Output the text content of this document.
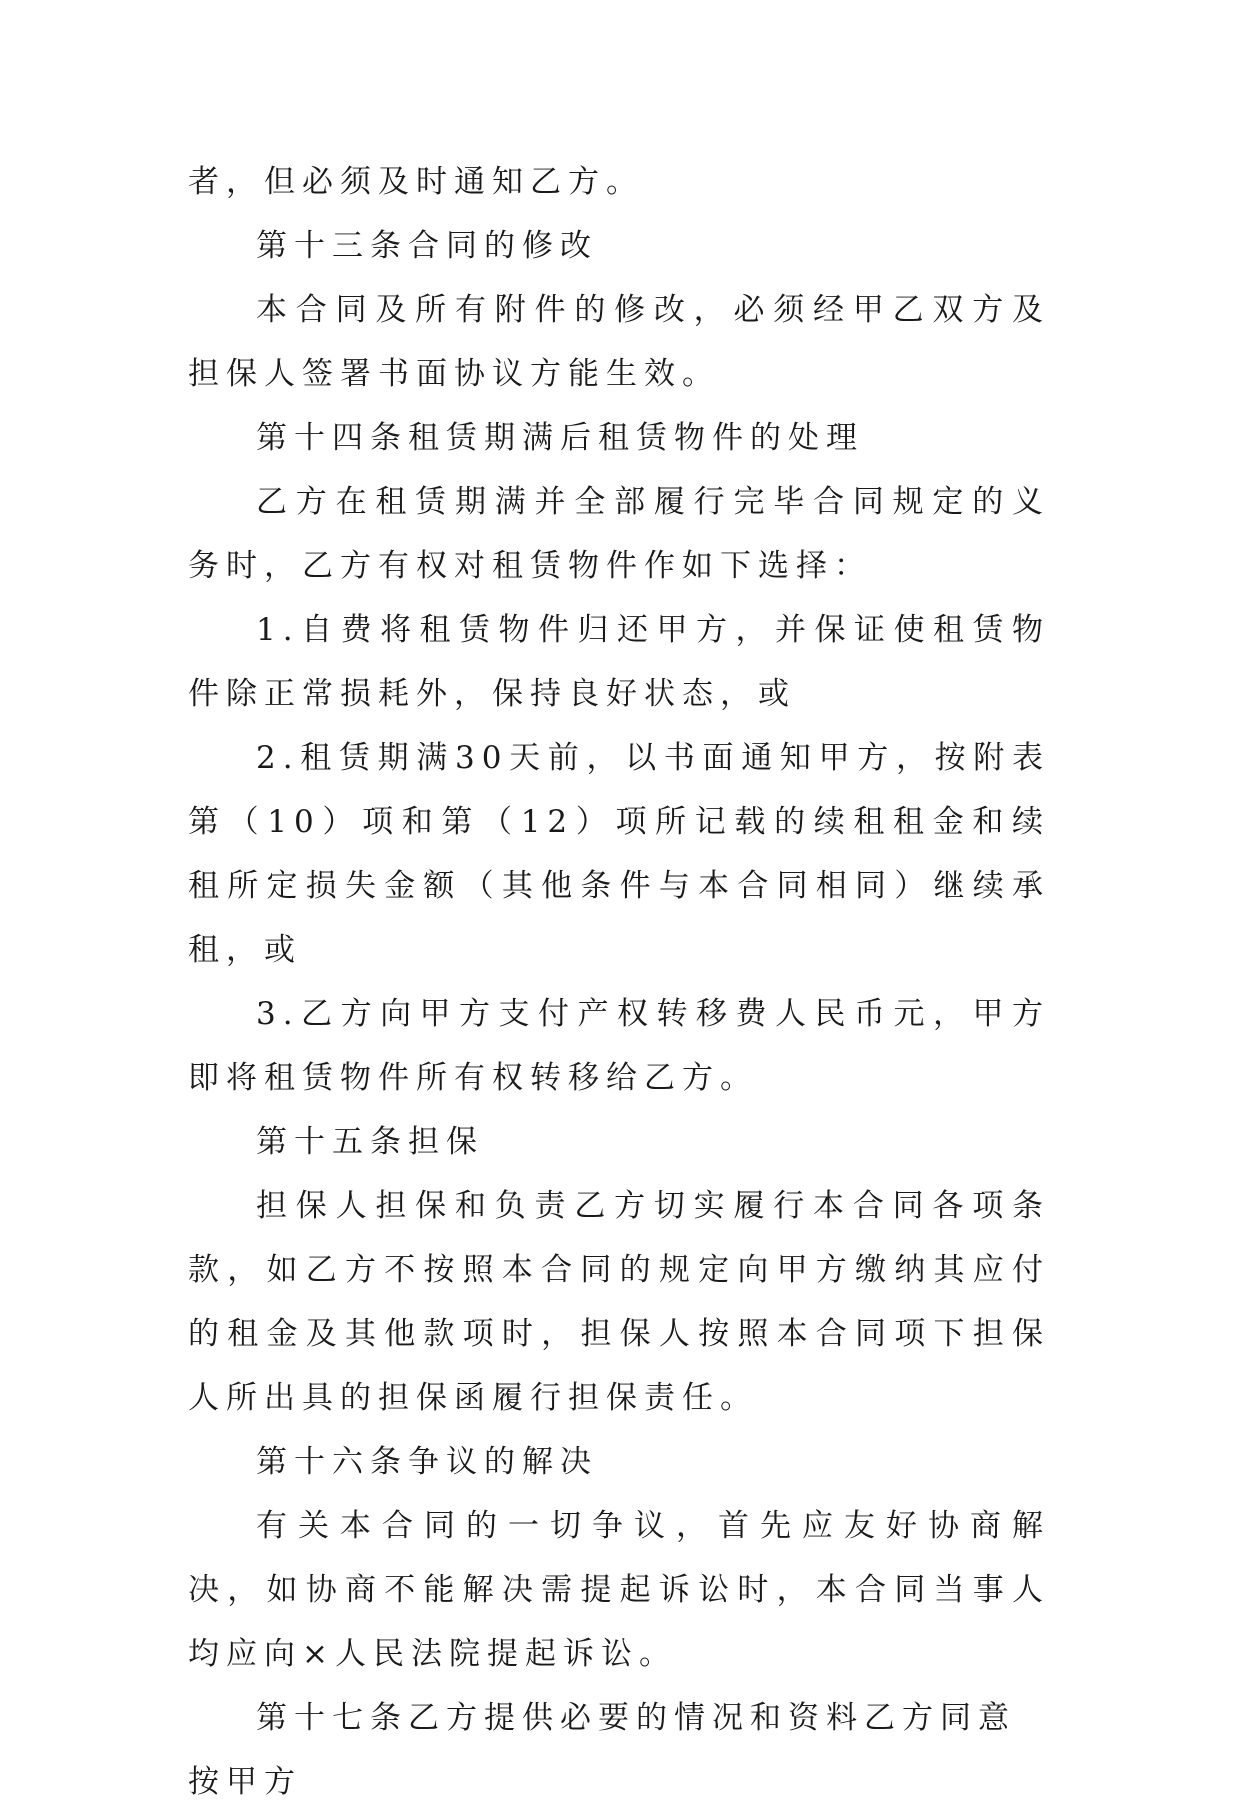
者，但必须及时通知乙方。

第十三条合同的修改

本合同及所有附件的修改，必须经甲乙双方及担保人签署书面协议方能生效。

第十四条租赁期满后租赁物件的处理

乙方在租赁期满并全部履行完毕合同规定的义务时，乙方有权对租赁物件作如下选择：

1.自费将租赁物件归还甲方，并保证使租赁物件除正常损耗外，保持良好状态，或

2.租赁期满30天前，以书面通知甲方，按附表第（10）项和第（12）项所记载的续租租金和续租所定损失金额（其他条件与本合同相同）继续承租，或

3.乙方向甲方支付产权转移费人民币元，甲方即将租赁物件所有权转移给乙方。

第十五条担保

担保人担保和负责乙方切实履行本合同各项条款，如乙方不按照本合同的规定向甲方缴纳其应付的租金及其他款项时，担保人按照本合同项下担保人所出具的担保函履行担保责任。

第十六条争议的解决

有关本合同的一切争议，首先应友好协商解决，如协商不能解决需提起诉讼时，本合同当事人均应向×人民法院提起诉讼。

第十七条乙方提供必要的情况和资料乙方同意按甲方
